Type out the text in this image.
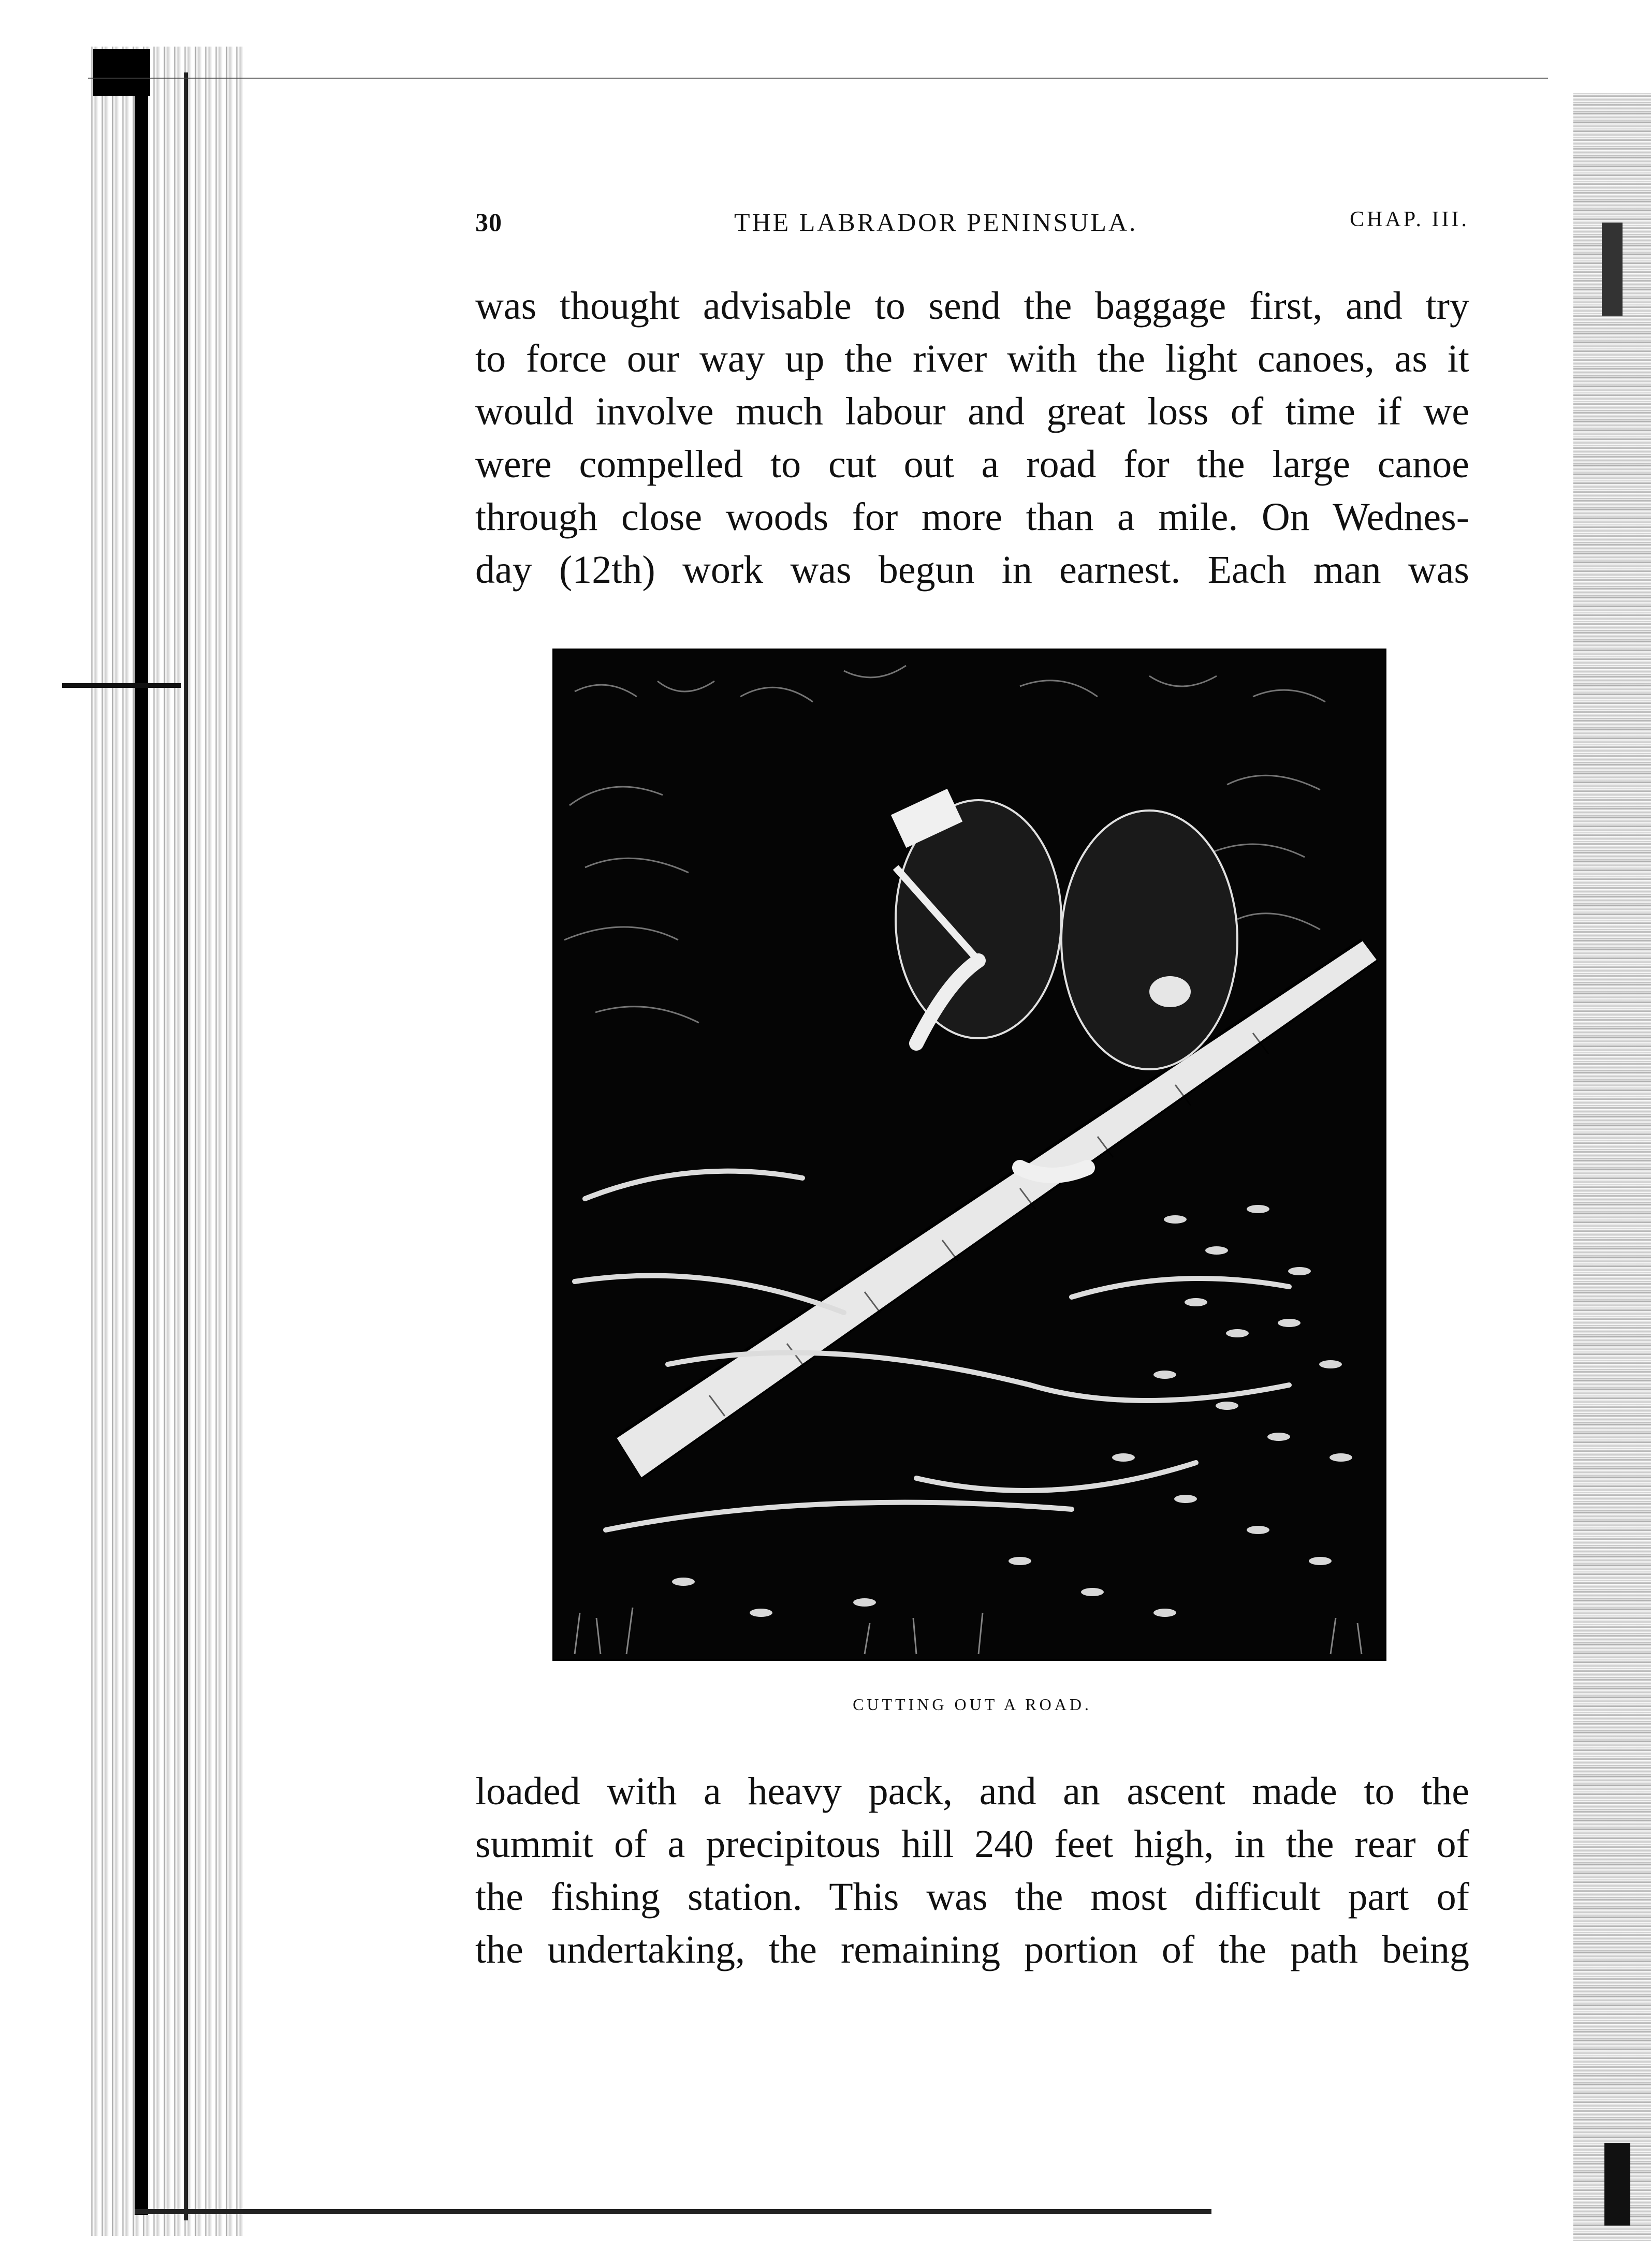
30	THE LABRADOR PENINSULA.	CHAP. III.
was thought advisable to send the baggage first, and try
to force our way up the river with the light canoes, as it
would involve much labour and great loss of time if we
were compelled to cut out a road for the large canoe
through close woods for more than a mile. On Wednes-
day (12th) work was begun in earnest. Each man was
CUTTING OUT A ROAD.
loaded with a heavy pack, and an ascent made to the
summit of a precipitous hill 240 feet high, in the rear of
the fishing station. This was the most difficult part of
the undertaking, the remaining portion of the path being
